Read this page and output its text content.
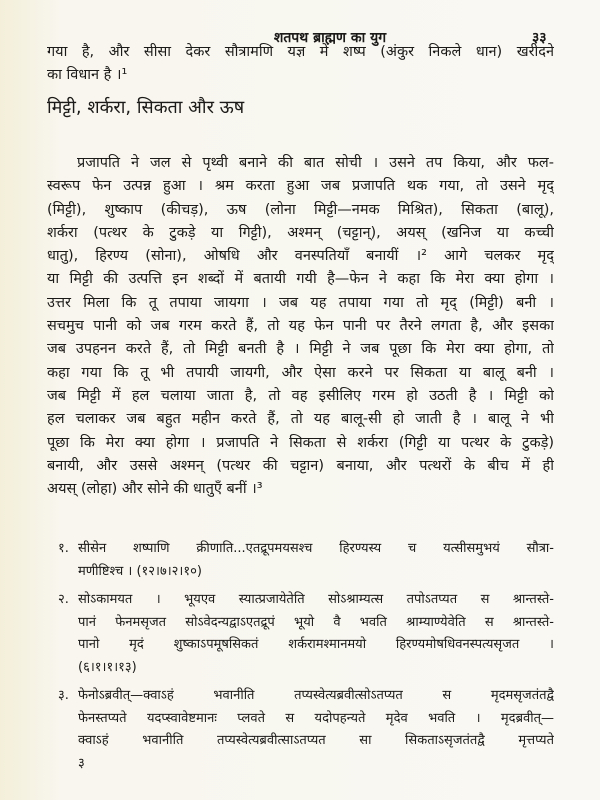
शतपथ ब्राह्मण का युग	३३
गया है, और सीसा देकर सौत्रामणि यज्ञ में शष्प (अंकुर निकले धान) खरीदने
का विधान है ।¹
मिट्टी, शर्करा, सिकता और ऊष
प्रजापति ने जल से पृथ्वी बनाने की बात सोची । उसने तप किया, और फल-
स्वरूप फेन उत्पन्न हुआ । श्रम करता हुआ जब प्रजापति थक गया, तो उसने मृद्
(मिट्टी), शुष्काप (कीचड़), ऊष (लोना मिट्टी—नमक मिश्रित), सिकता (बालू),
शर्करा (पत्थर के टुकड़े या गिट्टी), अश्मन् (चट्टान्), अयस् (खनिज या कच्ची
धातु), हिरण्य (सोना), ओषधि और वनस्पतियाँ बनायीं ।² आगे चलकर मृद्
या मिट्टी की उत्पत्ति इन शब्दों में बतायी गयी है—फेन ने कहा कि मेरा क्या होगा ।
उत्तर मिला कि तू तपाया जायगा । जब यह तपाया गया तो मृद् (मिट्टी) बनी ।
सचमुच पानी को जब गरम करते हैं, तो यह फेन पानी पर तैरने लगता है, और इसका
जब उपहनन करते हैं, तो मिट्टी बनती है । मिट्टी ने जब पूछा कि मेरा क्या होगा, तो
कहा गया कि तू भी तपायी जायगी, और ऐसा करने पर सिकता या बालू बनी ।
जब मिट्टी में हल चलाया जाता है, तो वह इसीलिए गरम हो उठती है । मिट्टी को
हल चलाकर जब बहुत महीन करते हैं, तो यह बालू-सी हो जाती है । बालू ने भी
पूछा कि मेरा क्या होगा । प्रजापति ने सिकता से शर्करा (गिट्टी या पत्थर के टुकड़े)
बनायी, और उससे अश्मन् (पत्थर की चट्टान) बनाया, और पत्थरों के बीच में ही
अयस् (लोहा) और सोने की धातुएँ बनीं ।³
१. सीसेन शष्पाणि क्रीणाति...एतद्रूपमयसश्च हिरण्यस्य च यत्सीसमुभयं सौत्रा-
मणीष्टिश्च । (१२।७।२।१०)
२. सोऽकामयत । भूयएव स्यात्प्रजायेतेति सोऽश्राम्यत्स तपोऽतप्यत स श्रान्तस्ते-
पानं फेनमसृजत सोऽवेदन्यद्वाऽएतद्रूपं भूयो वै भवति श्राम्याण्येवेति स श्रान्तस्ते-
पानो मृदं शुष्काऽपमूषसिकतं शर्करामश्मानमयो हिरण्यमोषधिवनस्पत्यसृजत ।
(६।१।१।१३)
३. फेनोऽब्रवीत्—क्वाऽहं भवानीति तप्यस्वेत्यब्रवीत्सोऽतप्यत स मृदमसृजतंतद्वै
फेनस्तप्यते यदप्स्वावेष्टमानः प्लवते स यदोपहन्यते मृदेव भवति । मृदब्रवीत्—
क्वाऽहं भवानीति तप्यस्वेत्यब्रवीत्साऽतप्यत सा सिकताऽसृजतंतद्वै मृत्तप्यते
३
